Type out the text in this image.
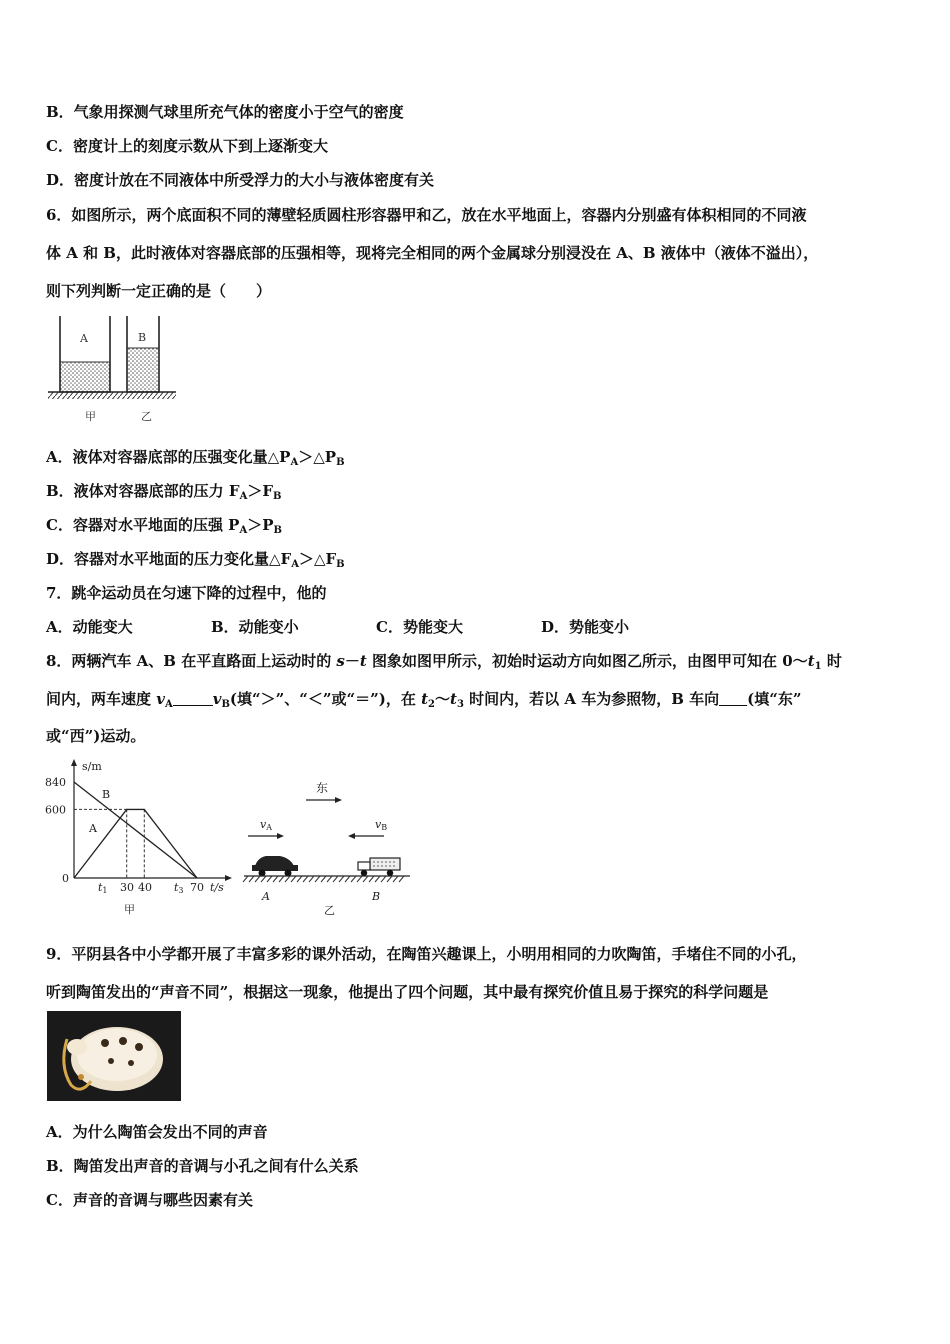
B．气象用探测气球里所充气体的密度小于空气的密度
C．密度计上的刻度示数从下到上逐渐变大
D．密度计放在不同液体中所受浮力的大小与液体密度有关
6．如图所示，两个底面积不同的薄壁轻质圆柱形容器甲和乙，放在水平地面上，容器内分别盛有体积相同的不同液
体 A 和 B，此时液体对容器底部的压强相等，现将完全相同的两个金属球分别浸没在 A、B 液体中（液体不溢出），
则下列判断一定正确的是（　　）
A	B
甲	乙
A．液体对容器底部的压强变化量$\triangle P_A>\triangle P_B$
B．液体对容器底部的压力 $F_A>F_B$
C．容器对水平地面的压强 $P_A>P_B$
D．容器对水平地面的压力变化量$\triangle F_A>\triangle F_B$
7．跳伞运动员在匀速下降的过程中，他的
A．动能变大	B．动能变小	C．势能变大	D．势能变小
8．两辆汽车 A、B 在平直路面上运动时的 s－t 图象如图甲所示，初始时运动方向如图乙所示，由图甲可知在 $0\sim t_1$ 时
间内，两车速度 $v_A$	$v_B$(填“＞”、“＜”或“＝”)，在 $t_2\sim t_3$ 时间内，若以 A 车为参照物，B 车向 (填“东”
或“西”)运动。
s/m
840
600
0
B
A
t1 30 40 t3 70 t/s
甲
东
vA	vB
A	B
乙
9．平阴县各中小学都开展了丰富多彩的课外活动，在陶笛兴趣课上，小明用相同的力吹陶笛，手堵住不同的小孔，
听到陶笛发出的“声音不同”，根据这一现象，他提出了四个问题，其中最有探究价值且易于探究的科学问题是
A．为什么陶笛会发出不同的声音
B．陶笛发出声音的音调与小孔之间有什么关系
C．声音的音调与哪些因素有关
